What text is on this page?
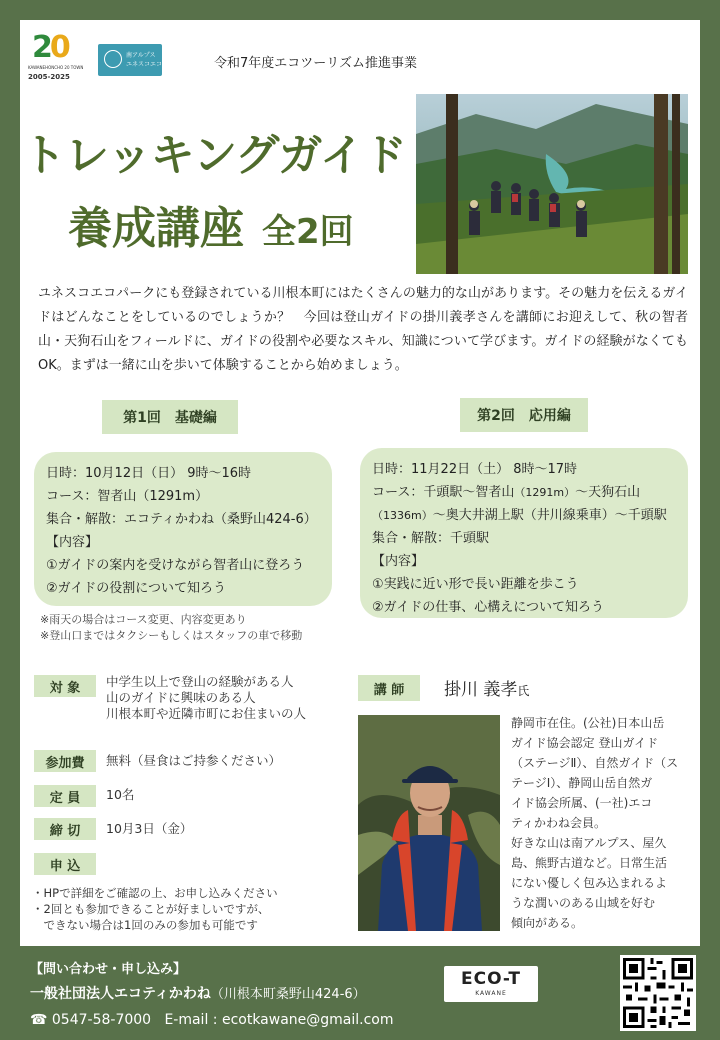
20
KAWANEHONCHO 20 TOWN
2005-2025
南アルプス
ユネスコエコパーク	令和7年度エコツーリズム推進事業
トレッキングガイド
養成講座 全2回
ユネスコエコパークにも登録されている川根本町にはたくさんの魅力的な山があります。その魅力を伝えるガイドはどんなことをしているのでしょうか？　今回は登山ガイドの掛川義孝さんを講師にお迎えして、秋の智者山・天狗石山をフィールドに、ガイドの役割や必要なスキル、知識について学びます。ガイドの経験がなくてもOK。まずは一緒に山を歩いて体験することから始めましょう。
第1回　基礎編	第2回　応用編
日時：10月12日（日） 9時～16時
コース：智者山（1291m）
集合・解散：エコティかわね（桑野山424-6）
【内容】
①ガイドの案内を受けながら智者山に登ろう
②ガイドの役割について知ろう
日時：11月22日（土） 8時～17時
コース：千頭駅～智者山（1291m）～天狗石山
（1336m）～奥大井湖上駅（井川線乗車）～千頭駅
集合・解散：千頭駅
【内容】
①実践に近い形で長い距離を歩こう
②ガイドの仕事、心構えについて知ろう
※雨天の場合はコース変更、内容変更あり
※登山口まではタクシーもしくはスタッフの車で移動
対 象	中学生以上で登山の経験がある人
山のガイドに興味のある人
川根本町や近隣市町にお住まいの人
参加費	無料（昼食はご持参ください）
定 員	10名
締 切	10月3日（金）
申 込
・HPで詳細をご確認の上、お申し込みください
・2回とも参加できることが好ましいですが、
　できない場合は1回のみの参加も可能です
講 師	掛川 義孝氏
静岡市在住。(公社)日本山岳
ガイド協会認定 登山ガイド
（ステージⅡ）、自然ガイド（ス
テージⅠ）、静岡山岳自然ガ
イド協会所属、(一社)エコ
ティかわね会員。
好きな山は南アルプス、屋久
島、熊野古道など。日常生活
にない優しく包み込まれるよ
うな潤いのある山域を好む
傾向がある。
【問い合わせ・申し込み】
一般社団法人エコティかわね（川根本町桑野山424-6）
☎ 0547-58-7000 E-mail : ecotkawane@gmail.com
ECO-T
KAWANE
